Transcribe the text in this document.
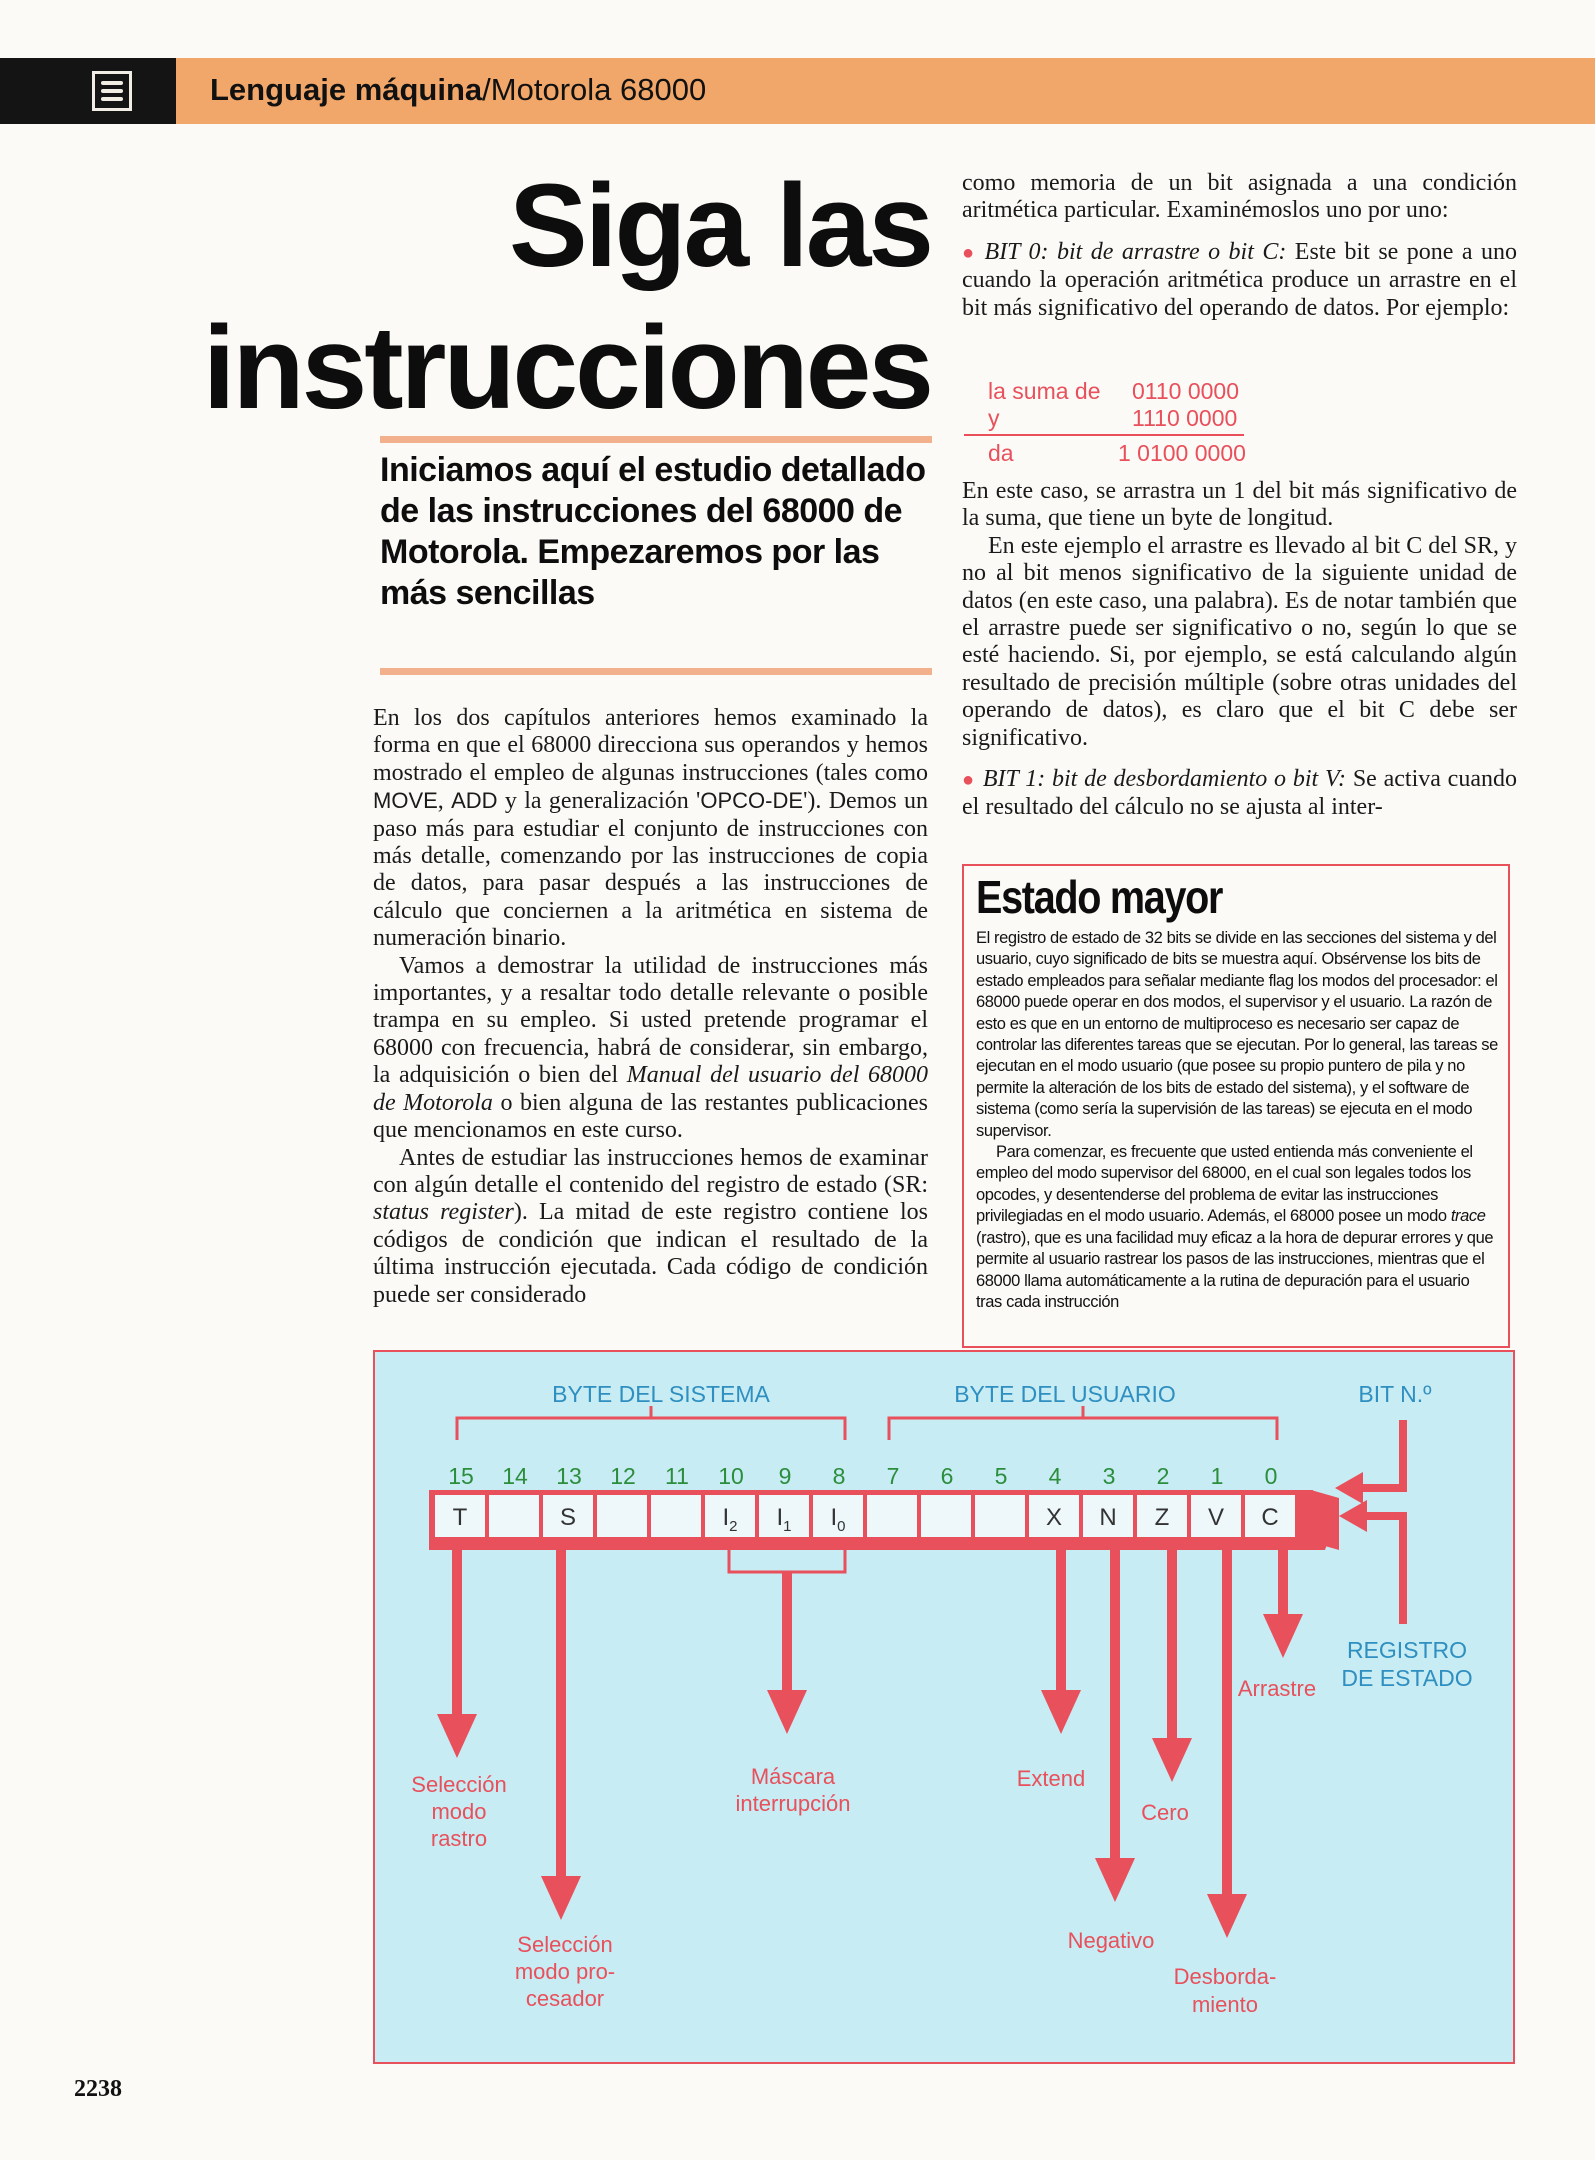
Lenguaje máquina/Motorola 68000
Siga las
instrucciones
Iniciamos aquí el estudio detallado de las instrucciones del 68000 de Motorola. Empezaremos por las más sencillas

En los dos capítulos anteriores hemos examinado la forma en que el 68000 direcciona sus operandos y hemos mostrado el empleo de algunas instrucciones (tales como MOVE, ADD y la generalización 'OPCO-DE'). Demos un paso más para estudiar el conjunto de instrucciones con más detalle, comenzando por las instrucciones de copia de datos, para pasar después a las instrucciones de cálculo que conciernen a la aritmética en sistema de numeración binario.

Vamos a demostrar la utilidad de instrucciones más importantes, y a resaltar todo detalle relevante o posible trampa en su empleo. Si usted pretende programar el 68000 con frecuencia, habrá de considerar, sin embargo, la adquisición o bien del Manual del usuario del 68000 de Motorola o bien alguna de las restantes publicaciones que mencionamos en este curso.

Antes de estudiar las instrucciones hemos de examinar con algún detalle el contenido del registro de estado (SR: status register). La mitad de este registro contiene los códigos de condición que indican el resultado de la última instrucción ejecutada. Cada código de condición puede ser considerado

como memoria de un bit asignada a una condición aritmética particular. Examinémoslos uno por uno:

● BIT 0: bit de arrastre o bit C: Este bit se pone a uno cuando la operación aritmética produce un arrastre en el bit más significativo del operando de datos. Por ejemplo:

la suma de 0110 0000
y	1110 0000
da	1 0100 0000

En este caso, se arrastra un 1 del bit más significativo de la suma, que tiene un byte de longitud.

En este ejemplo el arrastre es llevado al bit C del SR, y no al bit menos significativo de la siguiente unidad de datos (en este caso, una palabra). Es de notar también que el arrastre puede ser significativo o no, según lo que se esté haciendo. Si, por ejemplo, se está calculando algún resultado de precisión múltiple (sobre otras unidades del operando de datos), es claro que el bit C debe ser significativo.

● BIT 1: bit de desbordamiento o bit V: Se activa cuando el resultado del cálculo no se ajusta al inter-

Estado mayor

El registro de estado de 32 bits se divide en las secciones del sistema y del usuario, cuyo significado de bits se muestra aquí. Obsérvense los bits de estado empleados para señalar mediante flag los modos del procesador: el 68000 puede operar en dos modos, el supervisor y el usuario. La razón de esto es que en un entorno de multiproceso es necesario ser capaz de controlar las diferentes tareas que se ejecutan. Por lo general, las tareas se ejecutan en el modo usuario (que posee su propio puntero de pila y no permite la alteración de los bits de estado del sistema), y el software de sistema (como sería la supervisión de las tareas) se ejecuta en el modo supervisor.

Para comenzar, es frecuente que usted entienda más conveniente el empleo del modo supervisor del 68000, en el cual son legales todos los opcodes, y desentenderse del problema de evitar las instrucciones privilegiadas en el modo usuario. Además, el 68000 posee un modo trace (rastro), que es una facilidad muy eficaz a la hora de depurar errores y que permite al usuario rastrear los pasos de las instrucciones, mientras que el 68000 llama automáticamente a la rutina de depuración para el usuario tras cada instrucción

BYTE DEL SISTEMA	BYTE DEL USUARIO	BIT N.º
REGISTRO
DE ESTADO
15 14 13 12 11 10 9 8 7 6 5 4 3 2 1 0
T	S	$I_2$ $I_1$ $I_0$	X N Z V C
Selección
modo
rastro
Selección
modo pro-
cesador
Máscara
interrupción
Extend
Negativo
Cero
Desborda-
miento
Arrastre
2238
